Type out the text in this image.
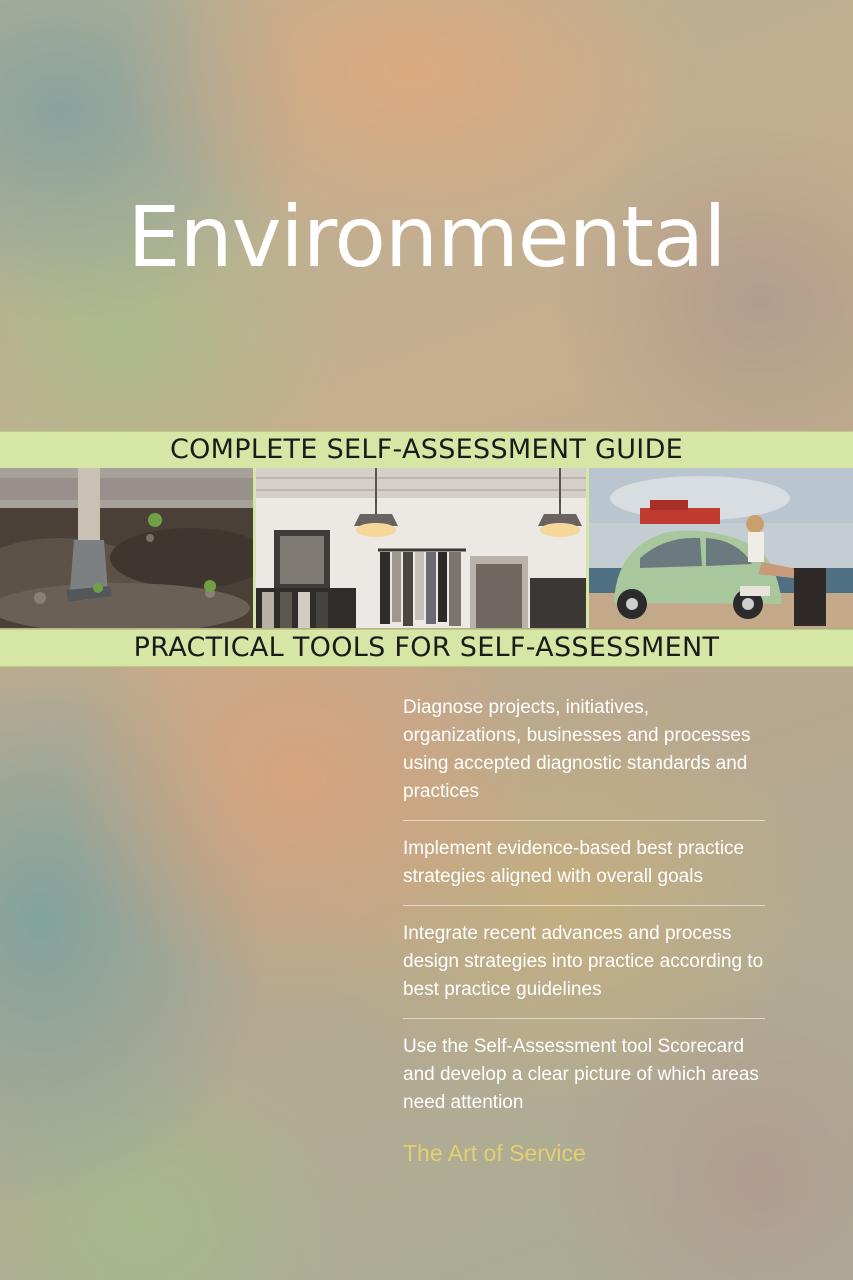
Environmental
COMPLETE SELF-ASSESSMENT GUIDE
PRACTICAL TOOLS FOR SELF-ASSESSMENT
Diagnose projects, initiatives, organizations, businesses and processes using accepted diagnostic standards and practices
Implement evidence-based best practice strategies aligned with overall goals
Integrate recent advances and process design strategies into practice according to best practice guidelines
Use the Self-Assessment tool Scorecard and develop a clear picture of which areas need attention
The Art of Service
